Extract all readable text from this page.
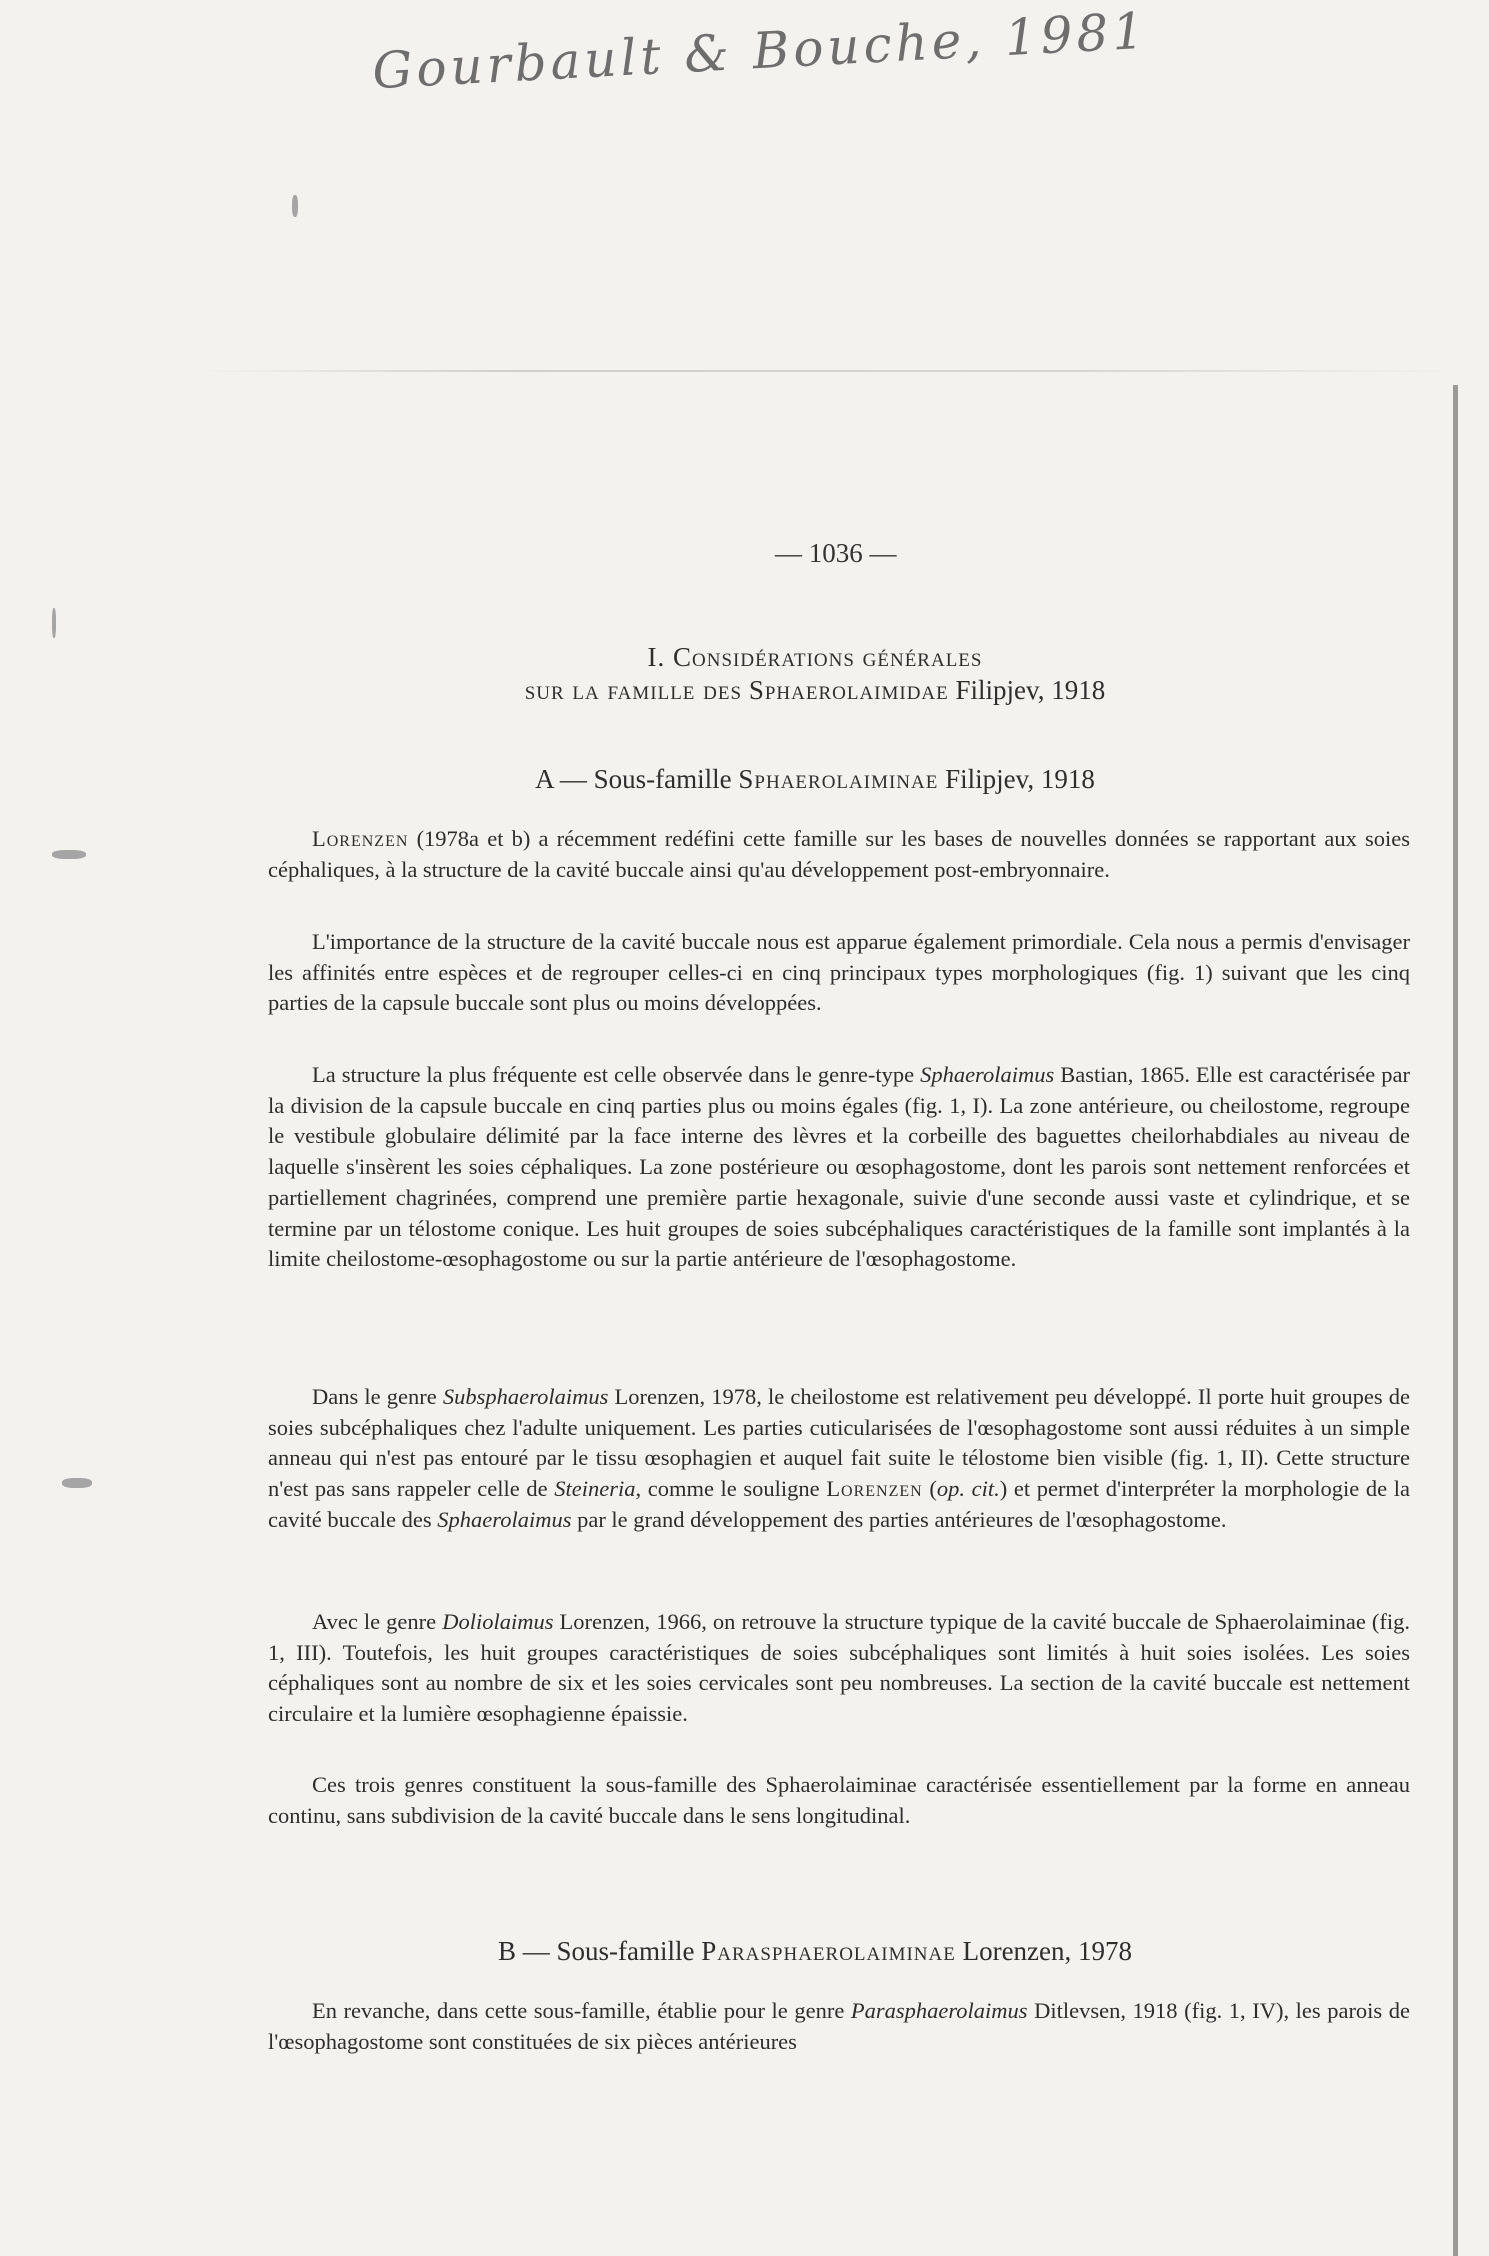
Gourbault & Bouche, 1981
— 1036 —
I. Considérations générales
sur la famille des Sphaerolaimidae Filipjev, 1918
A — Sous-famille Sphaerolaiminae Filipjev, 1918

Lorenzen (1978a et b) a récemment redéfini cette famille sur les bases de nouvelles données se rapportant aux soies céphaliques, à la structure de la cavité buccale ainsi qu'au développement post-embryonnaire.

L'importance de la structure de la cavité buccale nous est apparue également primordiale. Cela nous a permis d'envisager les affinités entre espèces et de regrouper celles-ci en cinq principaux types morphologiques (fig. 1) suivant que les cinq parties de la capsule buccale sont plus ou moins développées.

La structure la plus fréquente est celle observée dans le genre-type Sphaerolaimus Bastian, 1865. Elle est caractérisée par la division de la capsule buccale en cinq parties plus ou moins égales (fig. 1, I). La zone antérieure, ou cheilostome, regroupe le vestibule globulaire délimité par la face interne des lèvres et la corbeille des baguettes cheilorhabdiales au niveau de laquelle s'insèrent les soies céphaliques. La zone postérieure ou œsophagostome, dont les parois sont nettement renforcées et partiellement chagrinées, comprend une première partie hexagonale, suivie d'une seconde aussi vaste et cylindrique, et se termine par un télostome conique. Les huit groupes de soies subcéphaliques caractéristiques de la famille sont implantés à la limite cheilostome-œsophagostome ou sur la partie antérieure de l'œsophagostome.

Dans le genre Subsphaerolaimus Lorenzen, 1978, le cheilostome est relativement peu développé. Il porte huit groupes de soies subcéphaliques chez l'adulte uniquement. Les parties cuticularisées de l'œsophagostome sont aussi réduites à un simple anneau qui n'est pas entouré par le tissu œsophagien et auquel fait suite le télostome bien visible (fig. 1, II). Cette structure n'est pas sans rappeler celle de Steineria, comme le souligne Lorenzen (op. cit.) et permet d'interpréter la morphologie de la cavité buccale des Sphaerolaimus par le grand développement des parties antérieures de l'œsophagostome.

Avec le genre Doliolaimus Lorenzen, 1966, on retrouve la structure typique de la cavité buccale de Sphaerolaiminae (fig. 1, III). Toutefois, les huit groupes caractéristiques de soies subcéphaliques sont limités à huit soies isolées. Les soies céphaliques sont au nombre de six et les soies cervicales sont peu nombreuses. La section de la cavité buccale est nettement circulaire et la lumière œsophagienne épaissie.

Ces trois genres constituent la sous-famille des Sphaerolaiminae caractérisée essentiellement par la forme en anneau continu, sans subdivision de la cavité buccale dans le sens longitudinal.

B — Sous-famille Parasphaerolaiminae Lorenzen, 1978

En revanche, dans cette sous-famille, établie pour le genre Parasphaerolaimus Ditlevsen, 1918 (fig. 1, IV), les parois de l'œsophagostome sont constituées de six pièces antérieures
